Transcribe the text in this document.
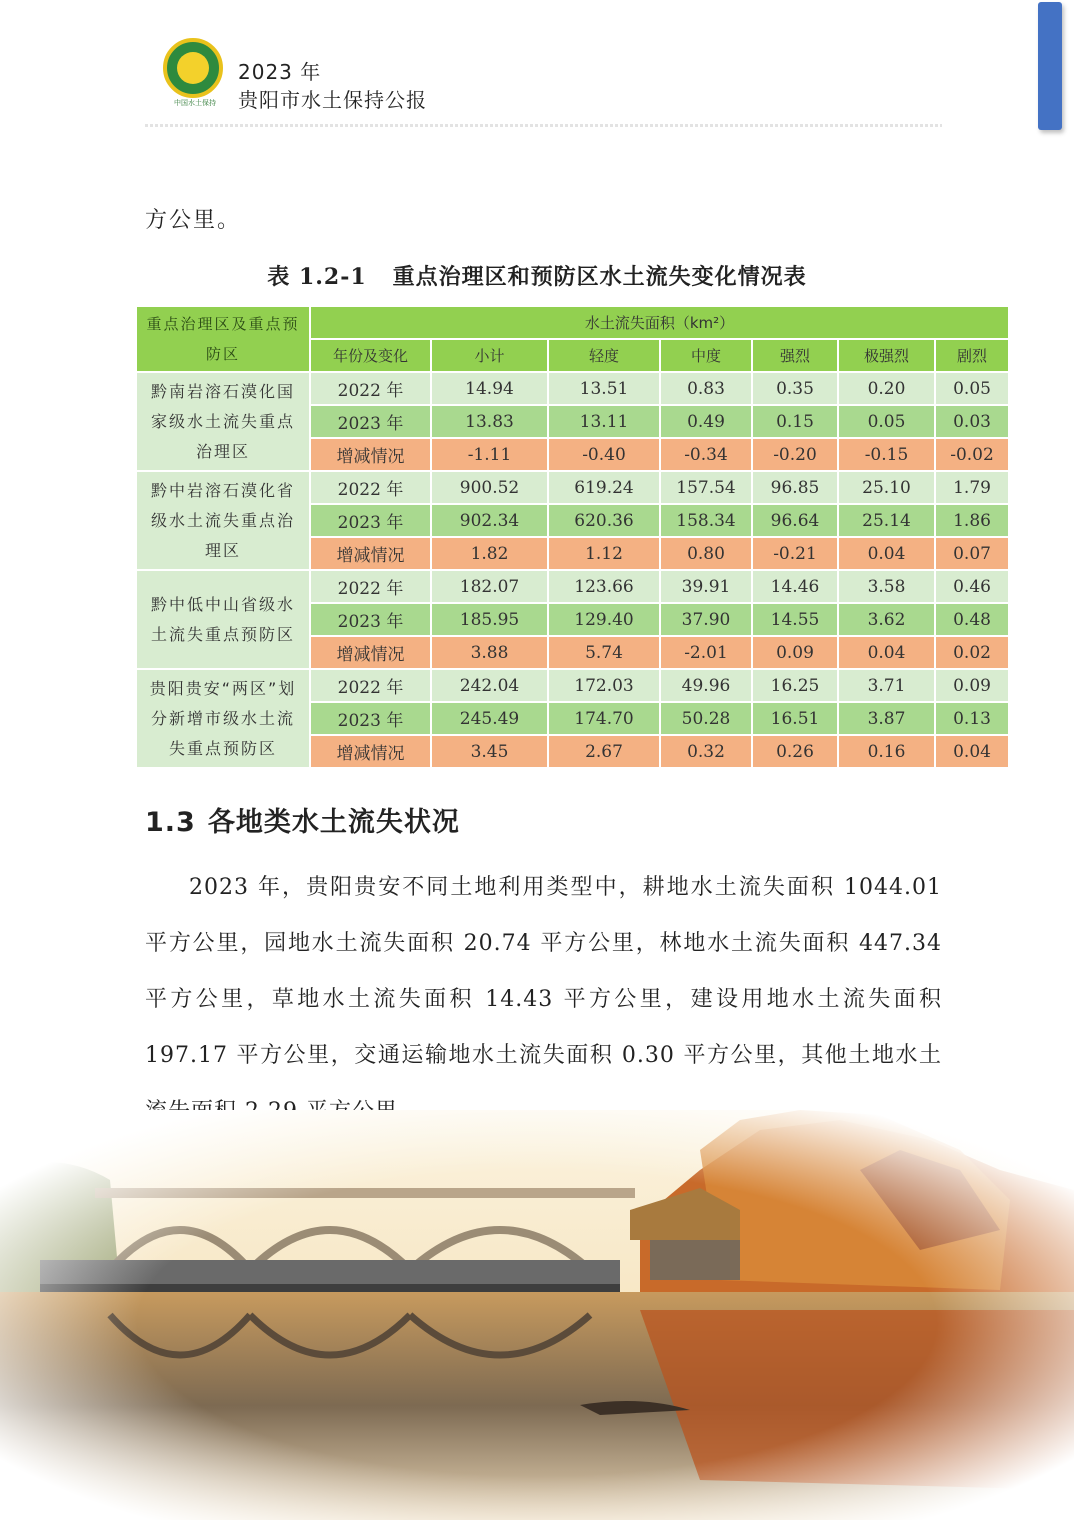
中国水土保持
2023 年
贵阳市水土保持公报
方公里。
表 1.2-1 重点治理区和预防区水土流失变化情况表
重点治理区及重点预防区	水土流失面积（km²）						
	年份及变化	小计	轻度	中度	强烈	极强烈	剧烈
黔南岩溶石漠化国家级水土流失重点治理区	2022 年	14.94	13.51	0.83	0.35	0.20	0.05
	2023 年	13.83	13.11	0.49	0.15	0.05	0.03
	增减情况	-1.11	-0.40	-0.34	-0.20	-0.15	-0.02
黔中岩溶石漠化省级水土流失重点治理区	2022 年	900.52	619.24	157.54	96.85	25.10	1.79
	2023 年	902.34	620.36	158.34	96.64	25.14	1.86
	增减情况	1.82	1.12	0.80	-0.21	0.04	0.07
黔中低中山省级水土流失重点预防区	2022 年	182.07	123.66	39.91	14.46	3.58	0.46
	2023 年	185.95	129.40	37.90	14.55	3.62	0.48
	增减情况	3.88	5.74	-2.01	0.09	0.04	0.02
贵阳贵安“两区”划分新增市级水土流失重点预防区	2022 年	242.04	172.03	49.96	16.25	3.71	0.09
	2023 年	245.49	174.70	50.28	16.51	3.87	0.13
	增减情况	3.45	2.67	0.32	0.26	0.16	0.04
1.3 各地类水土流失状况
2023 年，贵阳贵安不同土地利用类型中，耕地水土流失面积 1044.01 平方公里，园地水土流失面积 20.74 平方公里，林地水土流失面积 447.34 平方公里，草地水土流失面积 14.43 平方公里，建设用地水土流失面积 197.17 平方公里，交通运输地水土流失面积 0.30 平方公里，其他土地水土
